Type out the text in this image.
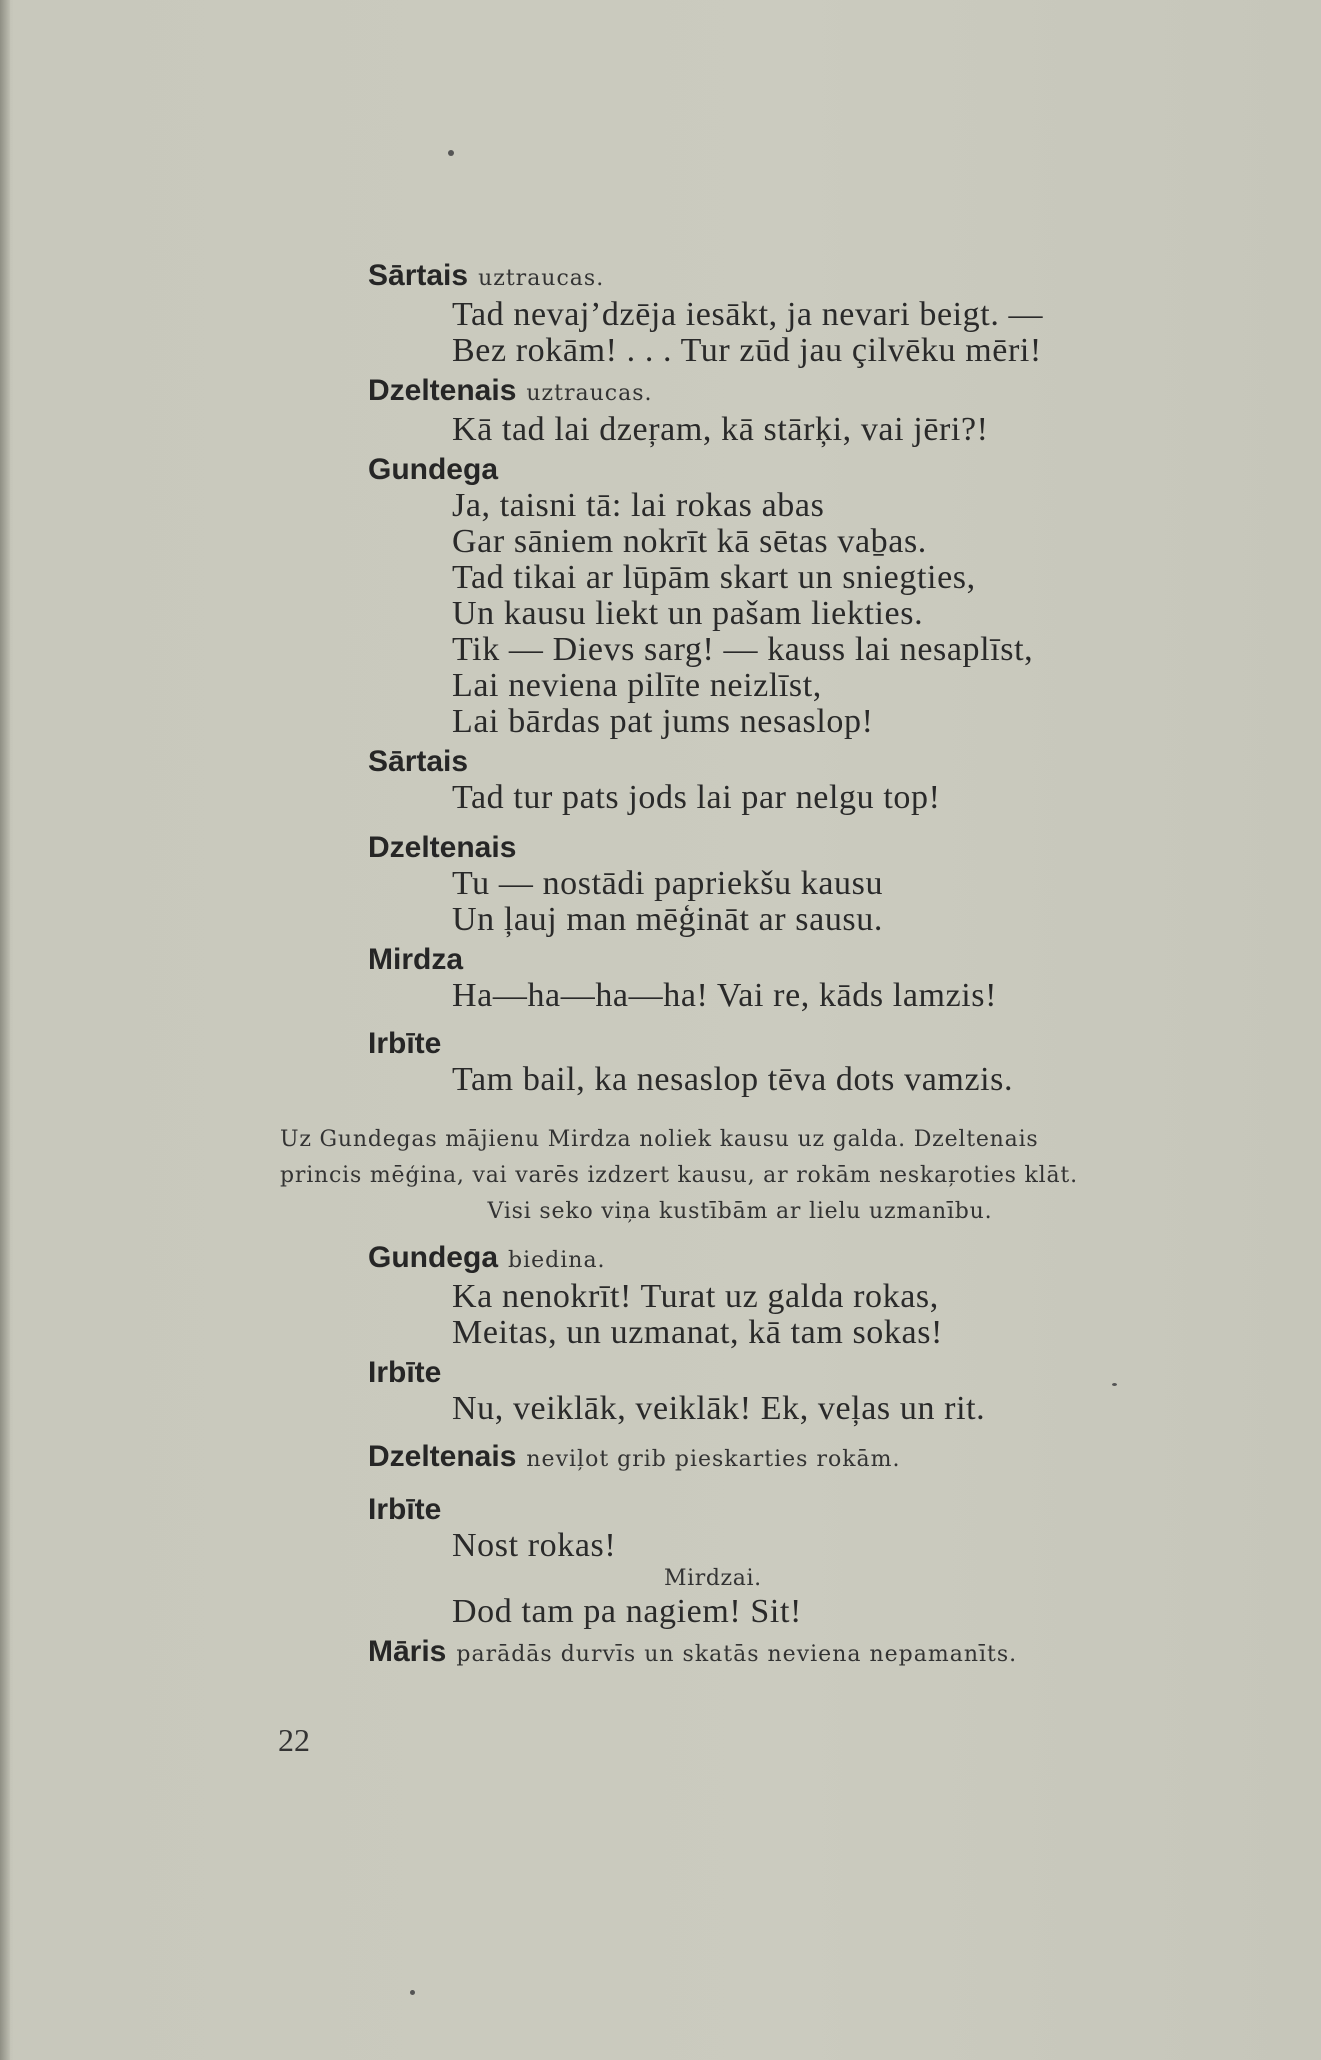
Sārtais uztraucas.
Tad nevaj’dzēja iesākt, ja nevari beigt. —
Bez rokām! . . . Tur zūd jau çilvēku mēri!
Dzeltenais uztraucas.
Kā tad lai dzeŗam, kā stārķi, vai jēri?!
Gundega
Ja, taisni tā: lai rokas abas
Gar sāniem nokrīt kā sētas vaḇas.
Tad tikai ar lūpām skart un sniegties,
Un kausu liekt un pašam liekties.
Tik — Dievs sarg! — kauss lai nesaplīst,
Lai neviena pilīte neizlīst,
Lai bārdas pat jums nesaslop!
Sārtais
Tad tur pats jods lai par nelgu top!
Dzeltenais
Tu — nostādi papriekšu kausu
Un ļauj man mēģināt ar sausu.
Mirdza
Ha—ha—ha—ha! Vai re, kāds lamzis!
Irbīte
Tam bail, ka nesaslop tēva dots vamzis.
Uz Gundegas mājienu Mirdza noliek kausu uz galda. Dzeltenais
princis mēģina, vai varēs izdzert kausu, ar rokām neskaŗoties klāt.
Visi seko viņa kustībām ar lielu uzmanību.
Gundega biedina.
Ka nenokrīt! Turat uz galda rokas,
Meitas, un uzmanat, kā tam sokas!
Irbīte
Nu, veiklāk, veiklāk! Ek, veļas un rit.
Dzeltenais neviļot grib pieskarties rokām.
Irbīte
Nost rokas!
Mirdzai.
Dod tam pa nagiem! Sit!
Māris parādās durvīs un skatās neviena nepamanīts.
22
